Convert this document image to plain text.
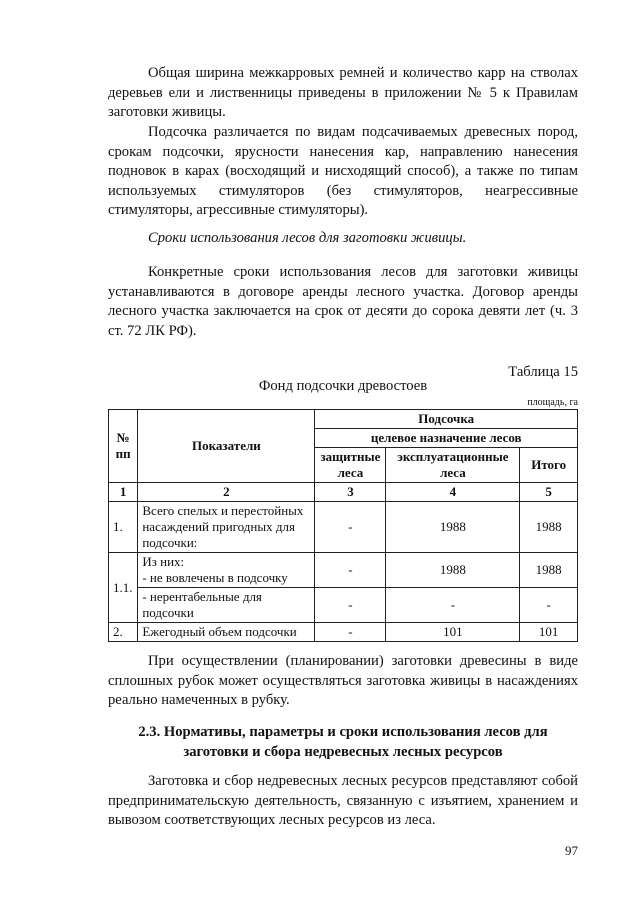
Общая ширина межкарровых ремней и количество карр на стволах деревьев ели и лиственницы приведены в приложении № 5 к Правилам заготовки живицы.

Подсочка различается по видам подсачиваемых древесных пород, срокам подсочки, ярусности нанесения кар, направлению нанесения подновок в карах (восходящий и нисходящий способ), а также по типам используемых стимуляторов (без стимуляторов, неагрессивные стимуляторы, агрессивные стимуляторы).

Сроки использования лесов для заготовки живицы.

Конкретные сроки использования лесов для заготовки живицы устанавливаются в договоре аренды лесного участка. Договор аренды лесного участка заключается на срок от десяти до сорока девяти лет (ч. 3 ст. 72 ЛК РФ).

Таблица 15
Фонд подсочки древостоев
площадь, га
№ пп	Показатели	Подсочка		
		целевое назначение лесов		
		защитные леса	эксплуатационные леса	Итого
1	2	3	4	5
1.	Всего спелых и перестойных насаждений пригодных для подсочки:	-	1988	1988
1.1.	Из них:
- не вовлечены в подсочку	-	1988	1988
	- нерентабельные для подсочки	-	-	-
2.	Ежегодный объем подсочки	-	101	101

При осуществлении (планировании) заготовки древесины в виде сплошных рубок может осуществляться заготовка живицы в насаждениях реально намеченных в рубку.

2.3. Нормативы, параметры и сроки использования лесов для заготовки и сбора недревесных лесных ресурсов

Заготовка и сбор недревесных лесных ресурсов представляют собой предпринимательскую деятельность, связанную с изъятием, хранением и вывозом соответствующих лесных ресурсов из леса.

97
